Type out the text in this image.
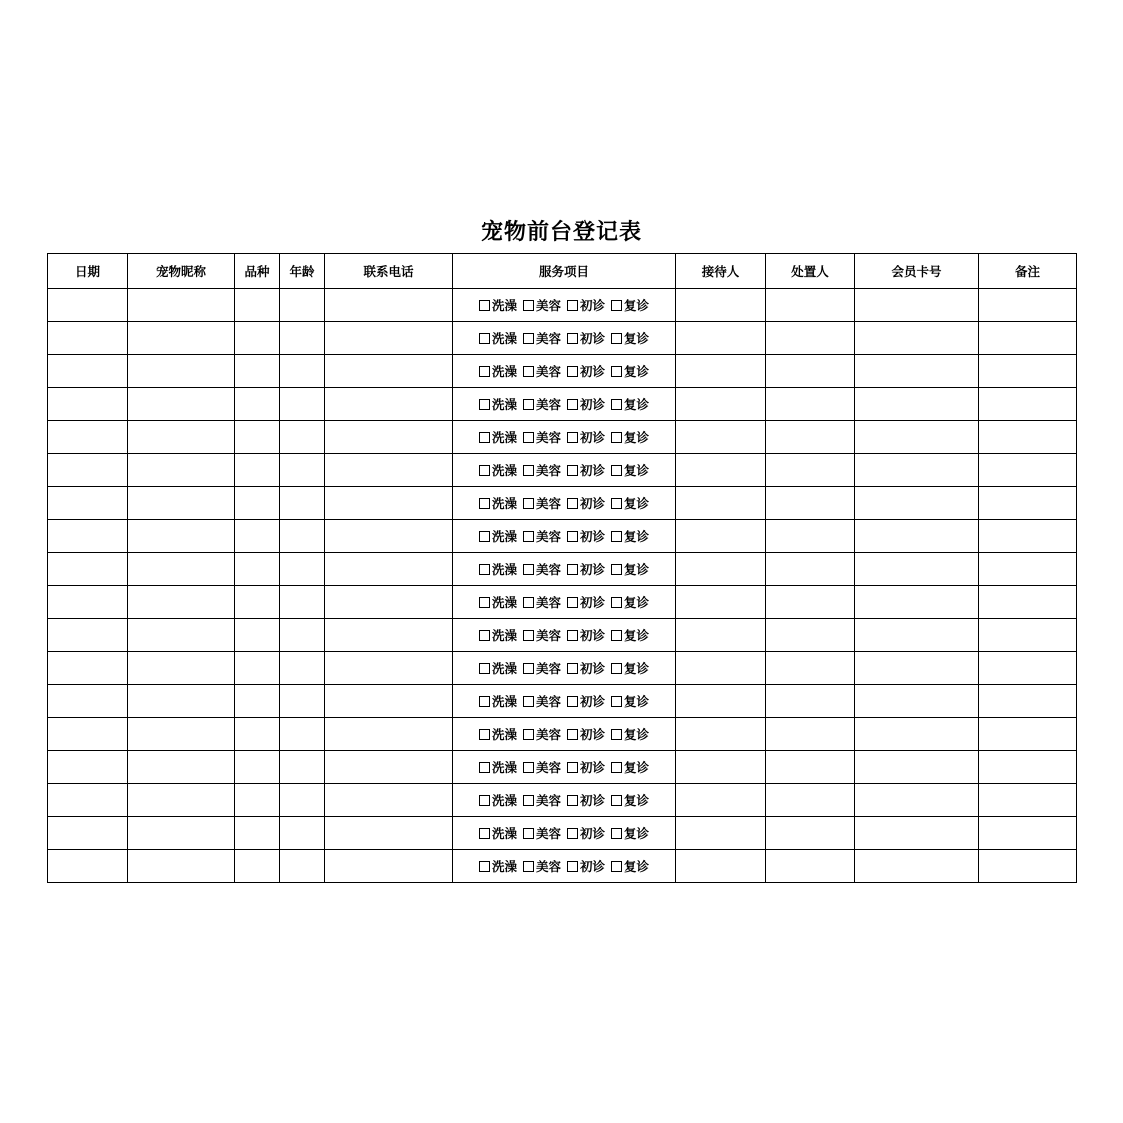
宠物前台登记表
日期	宠物昵称	品种	年龄	联系电话	服务项目	接待人	处置人	会员卡号	备注

					洗澡 美容 初诊 复诊				

					洗澡 美容 初诊 复诊				

					洗澡 美容 初诊 复诊				

					洗澡 美容 初诊 复诊				

					洗澡 美容 初诊 复诊				

					洗澡 美容 初诊 复诊				

					洗澡 美容 初诊 复诊				

					洗澡 美容 初诊 复诊				

					洗澡 美容 初诊 复诊				

					洗澡 美容 初诊 复诊				

					洗澡 美容 初诊 复诊				

					洗澡 美容 初诊 复诊				

					洗澡 美容 初诊 复诊				

					洗澡 美容 初诊 复诊				

					洗澡 美容 初诊 复诊				

					洗澡 美容 初诊 复诊				

					洗澡 美容 初诊 复诊				

					洗澡 美容 初诊 复诊				
